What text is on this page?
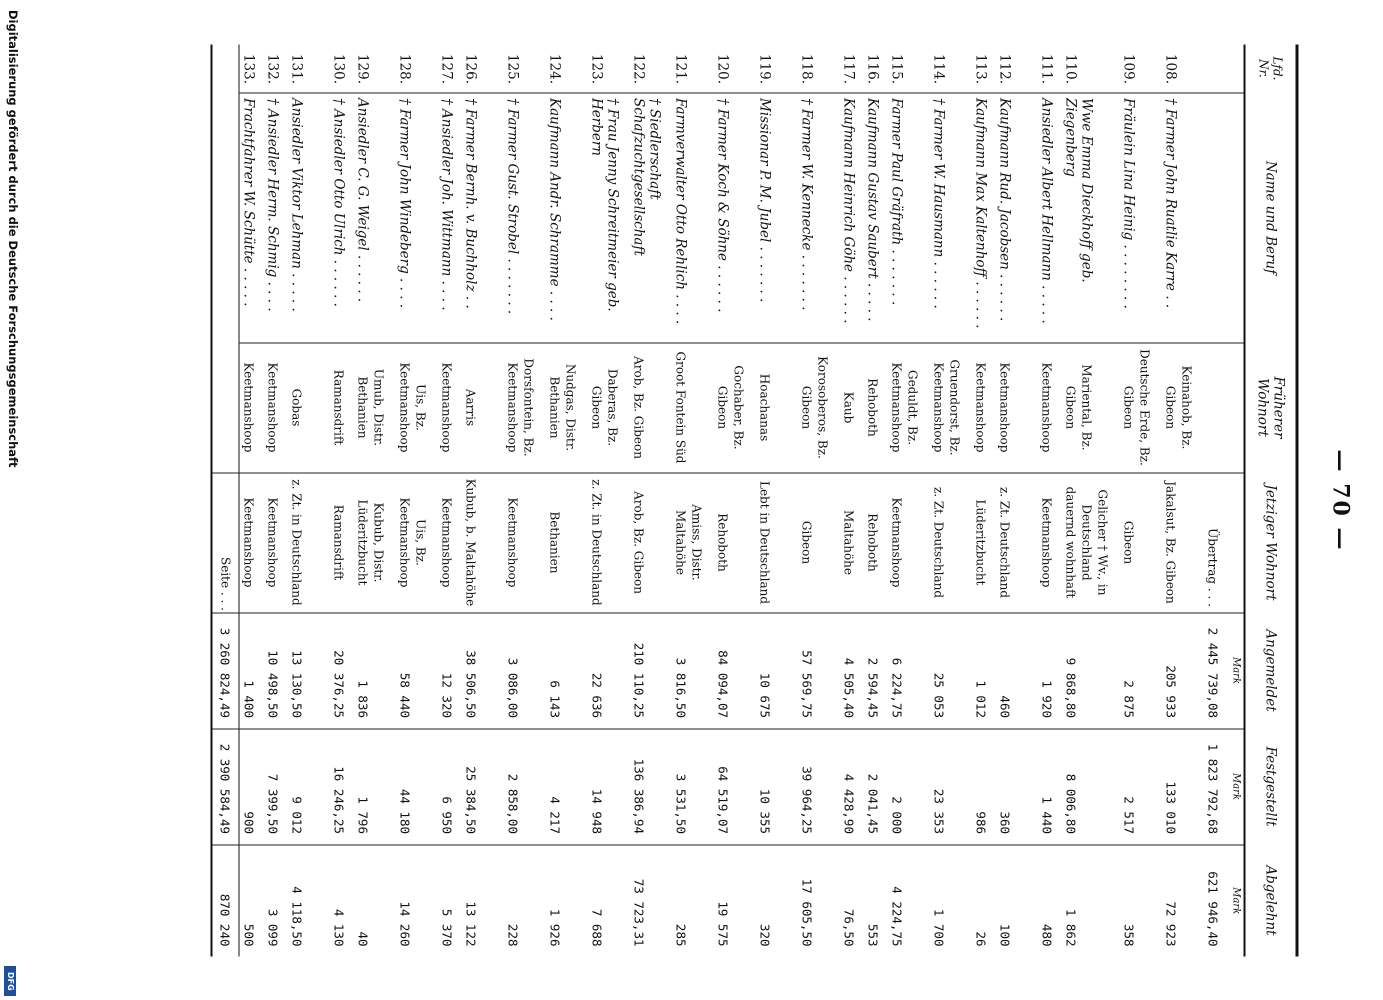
Digitalisierung gefördert durch die Deutsche Forschungsgemeinschaft
DFG
— 70 —
Lfd. Nr.	Name und Beruf	Früherer Wohnort	Jetziger Wohnort	Angemeldet	Festgestellt	Abgelehnt
				Mark	Mark	Mark
			Übertrag . . .	2 445 739,08	1 823 792,68	621 946,40
108.	† Farmer John Ruatlie Karre . .	Keinahob, Bz. Gibeon	Jakalsut, Bz. Gibeon	205 933	133 010	72 923
109.	Fräulein Lina Heinig . . . . . . . .	Deutsche Erde, Bz. Gibeon	Gibeon	2 875	2 517	358
110.	Wwe Emma Dieckhoff geb. Ziegenberg	Mariental, Bz. Gibeon	Gelicher † Wv., in Deutschland dauernd wohnhaft	9 868,80	8 006,80	1 862
111.	Ansiedler Albert Hellmann . . . . .	Keetmanshoop	Keetmanshoop	1 920	1 440	480
112.	Kaufmann Rud. Jacobsen . . . . . .	Keetmanshoop	z. Zt. Deutschland	460	360	100
113.	Kaufmann Max Kaltenhoff . . . . . .	Keetmanshoop	Lüderitzbucht	1 012	986	26
114.	† Farmer W. Hausmann . . . . . .	Gruendorst, Bz. Keetmanshoop	z. Zt. Deutschland	25 053	23 353	1 700
115.	Farmer Paul Gräfrath . . . . . . .	Geduldt, Bz. Keetmanshoop	Keetmanshoop	6 224,75	2 000	4 224,75
116.	Kaufmann Gustav Saubert . . . . .	Rehoboth	Rehoboth	2 594,45	2 041,45	553
117.	Kaufmann Heinrich Göhe . . . . . .	Kaub	Maltahöhe	4 505,40	4 428,90	76,50
118.	† Farmer W. Kennecke . . . . . . .	Korosoberos, Bz. Gibeon	Gibeon	57 569,75	39 964,25	17 605,50
119.	Missionar P. M. Jubel . . . . . . .	Hoachanas	Lebt in Deutschland	10 675	10 355	320
120.	† Farmer Koch & Söhne . . . . . .	Gochaber, Bz. Gibeon	Rehoboth	84 094,07	64 519,07	19 575
121.	Farmverwalter Otto Rehlich . . . .	Groot Fontein Süd	Amiss, Distr. Maltahöhe	3 816,50	3 531,50	285
122.	† Siedlerschaft Schafzuchtgesellschaft	Arob, Bz. Gibeon	Arob, Bz. Gibeon	210 110,25	136 386,94	73 723,31
123.	† Frau Jenny Schreitmeier geb. Herbern	Daberas, Bz. Gibeon	z. Zt. in Deutschland	22 636	14 948	7 688
124.	Kaufmann Andr. Schramme . . . .	Nudgas, Distr. Bethanien	Bethanien	6 143	4 217	1 926
125.	† Farmer Gust. Strobel . . . . . . .	Dorsfontein, Bz. Keetmanshoop	Keetmanshoop	3 086,00	2 858,00	228
126.	† Farmer Bernh. v. Buchholz . .	Aarris	Kubub, b. Maltahöhe	38 506,50	25 384,50	13 122
127.	† Ansiedler Joh. Wittmann . . . .	Keetmanshoop	Keetmanshoop	12 320	6 950	5 370
128.	† Farmer John Windeberg . . . .	Uis, Bz. Keetmanshoop	Uis, Bz. Keetmanshoop	58 440	44 180	14 260
129.	Ansiedler C. G. Weigel . . . . . .	Umub, Distr. Bethanien	Kubub, Distr. Lüderitzbucht	1 836	1 796	40
130.	† Ansiedler Otto Ulrich . . . . . .	Ramansdrift	Ramansdrift	20 376,25	16 246,25	4 130
131.	Ansiedler Viktor Lehman . . . . .	Gobas	z. Zt. in Deutschland	13 130,50	9 012	4 118,50
132.	† Ansiedler Herm. Schmig . . . .	Keetmanshoop	Keetmanshoop	10 498,50	7 399,50	3 099
133.	Frachtfahrer W. Schütte . . . . .	Keetmanshoop	Keetmanshoop	1 400	900	500
			Seite . . .	3 260 824,49	2 390 584,49	870 240
